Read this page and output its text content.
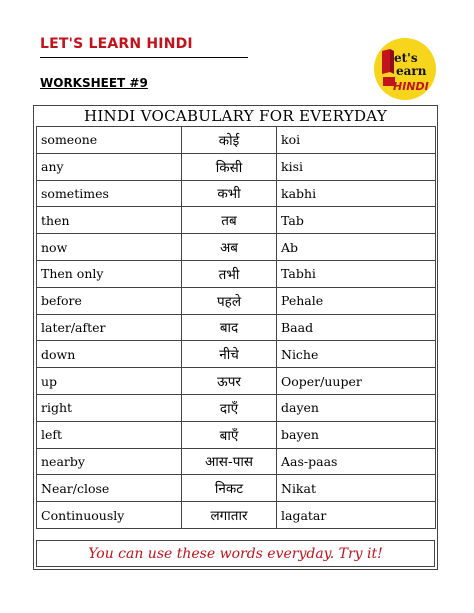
LET'S LEARN HINDI
WORKSHEET #9
et's
earn
HINDI
HINDI VOCABULARY FOR EVERYDAY
someone	कोई	koi
any	किसी	kisi
sometimes	कभी	kabhi
then	तब	Tab
now	अब	Ab
Then only	तभी	Tabhi
before	पहले	Pehale
later/after	बाद	Baad
down	नीचे	Niche
up	ऊपर	Ooper/uuper
right	दाएँ	dayen
left	बाएँ	bayen
nearby	आस-पास	Aas-paas
Near/close	निकट	Nikat
Continuously	लगातार	lagatar
You can use these words everyday. Try it!
